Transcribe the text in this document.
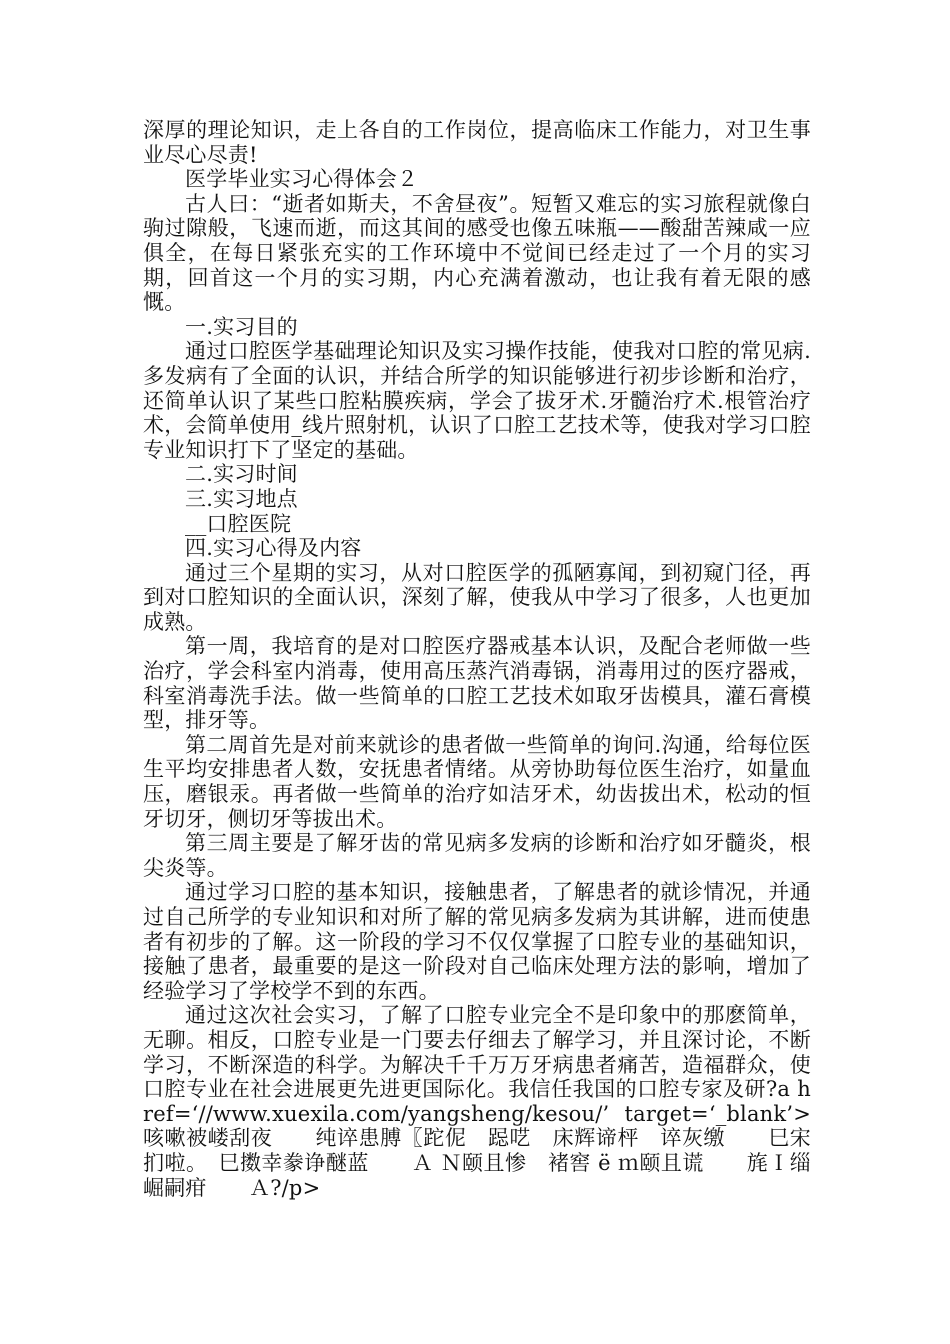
深厚的理论知识，走上各自的工作岗位，提高临床工作能力，对卫生事业尽心尽责!

医学毕业实习心得体会２

古人曰：“逝者如斯夫，不舍昼夜”。短暂又难忘的实习旅程就像白驹过隙般，飞速而逝，而这其间的感受也像五味瓶——酸甜苦辣咸一应俱全，在每日紧张充实的工作环境中不觉间已经走过了一个月的实习期，回首这一个月的实习期，内心充满着激动，也让我有着无限的感慨。

一.实习目的

通过口腔医学基础理论知识及实习操作技能，使我对口腔的常见病.多发病有了全面的认识，并结合所学的知识能够进行初步诊断和治疗，还简单认识了某些口腔粘膜疾病，学会了拔牙术.牙髓治疗术.根管治疗术，会简单使用_线片照射机，认识了口腔工艺技术等，使我对学习口腔专业知识打下了坚定的基础。

二.实习时间

三.实习地点

__口腔医院

四.实习心得及内容

通过三个星期的实习，从对口腔医学的孤陋寡闻，到初窥门径，再到对口腔知识的全面认识，深刻了解，使我从中学习了很多，人也更加成熟。

第一周，我培育的是对口腔医疗器戒基本认识，及配合老师做一些治疗，学会科室内消毒，使用高压蒸汽消毒锅，消毒用过的医疗器戒，科室消毒洗手法。做一些简单的口腔工艺技术如取牙齿模具，灌石膏模型，排牙等。

第二周首先是对前来就诊的患者做一些简单的询问.沟通，给每位医生平均安排患者人数，安抚患者情绪。从旁协助每位医生治疗，如量血压，磨银汞。再者做一些简单的治疗如洁牙术，幼齿拔出术，松动的恒牙切牙，侧切牙等拔出术。

第三周主要是了解牙齿的常见病多发病的诊断和治疗如牙髓炎，根尖炎等。

通过学习口腔的基本知识，接触患者，了解患者的就诊情况，并通过自己所学的专业知识和对所了解的常见病多发病为其讲解，进而使患者有初步的了解。这一阶段的学习不仅仅掌握了口腔专业的基础知识，接触了患者，最重要的是这一阶段对自己临床处理方法的影响，增加了经验学习了学校学不到的东西。

通过这次社会实习，了解了口腔专业完全不是印象中的那麽简单，无聊。相反，口腔专业是一门要去仔细去了解学习，并且深讨论，不断学习，不断深造的科学。为解决千千万万牙病患者痛苦，造福群众，使口腔专业在社会进展更先进更国际化。我信任我国的口腔专家及研?a href=‘//www.xuexila.com/yangsheng/kesou/’ target=‘_blank’>咳嗽被嵝刮夜　　纯谇患膊〖跎伲　跽呓　床辉谛枰　谇灰缴　　巳宋扪啦。　巳擞幸豢诤醚蓝　　Ａ Ｎ颐且惨　褚窖 ё ｍ颐且谎　　旄Ｉ缁崛嗣疳　　Ａ?/p>
